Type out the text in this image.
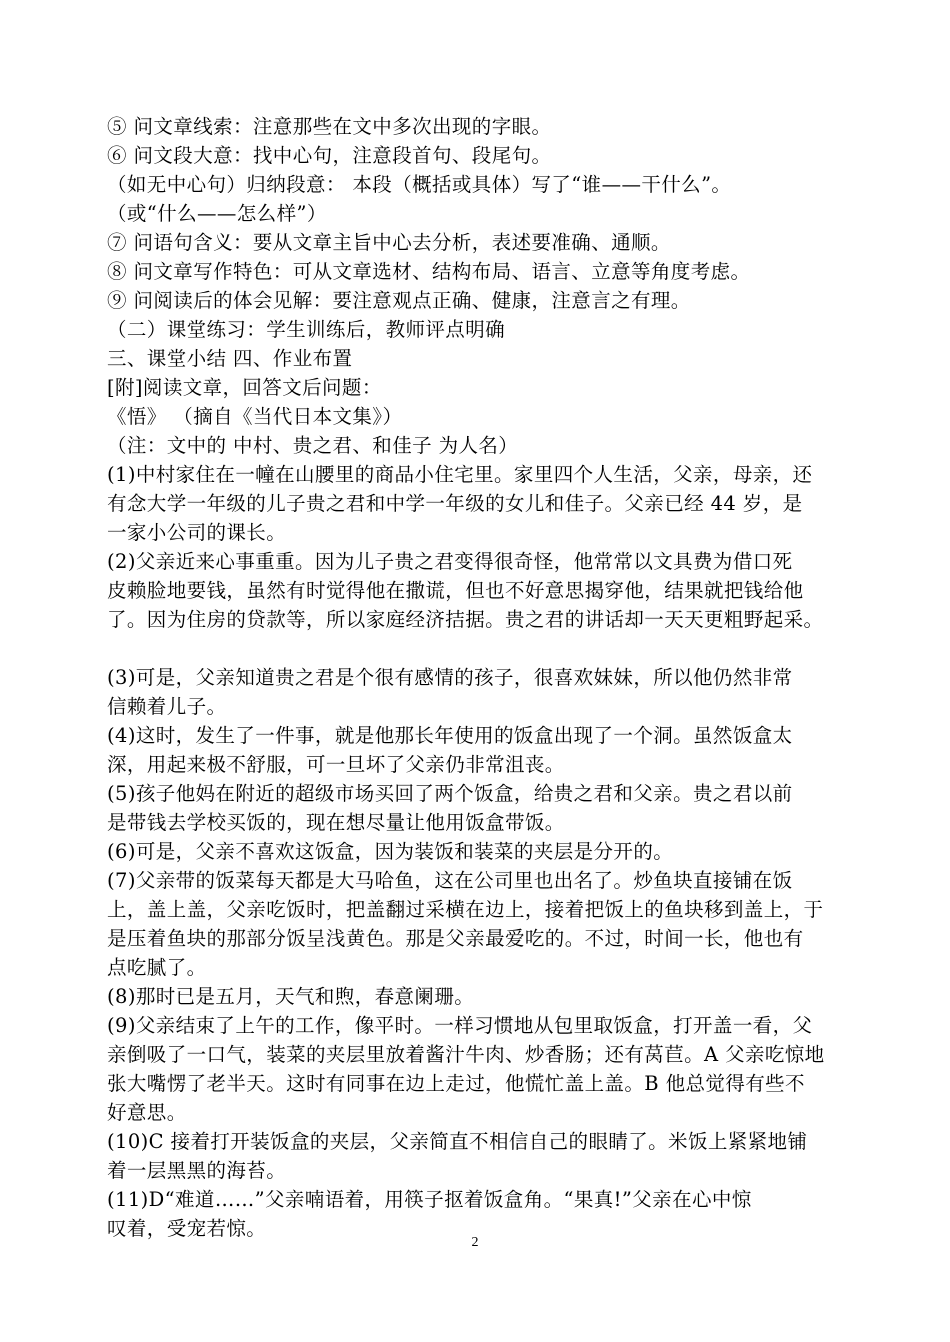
⑤ 问文章线索：注意那些在文中多次出现的字眼。
⑥ 问文段大意：找中心句，注意段首句、段尾句。
（如无中心句）归纳段意： 本段（概括或具体）写了“谁——干什么”。
（或“什么——怎么样”）
⑦ 问语句含义：要从文章主旨中心去分析，表述要准确、通顺。
⑧ 问文章写作特色：可从文章选材、结构布局、语言、立意等角度考虑。
⑨ 问阅读后的体会见解：要注意观点正确、健康，注意言之有理。
（二）课堂练习：学生训练后，教师评点明确
三、课堂小结 四、作业布置
[附]阅读文章，回答文后问题：
《悟》 （摘自《当代日本文集》）
（注：文中的 中村、贵之君、和佳子 为人名）
(1)中村家住在一幢在山腰里的商品小住宅里。家里四个人生活，父亲，母亲，还
有念大学一年级的儿子贵之君和中学一年级的女儿和佳子。父亲已经 44 岁，是
一家小公司的课长。
(2)父亲近来心事重重。因为儿子贵之君变得很奇怪，他常常以文具费为借口死
皮赖脸地要钱，虽然有时觉得他在撒谎，但也不好意思揭穿他，结果就把钱给他
了。因为住房的贷款等，所以家庭经济拮据。贵之君的讲话却一天天更粗野起采。
(3)可是，父亲知道贵之君是个很有感情的孩子，很喜欢妹妹，所以他仍然非常
信赖着儿子。
(4)这时，发生了一件事，就是他那长年使用的饭盒出现了一个洞。虽然饭盒太
深，用起来极不舒服，可一旦坏了父亲仍非常沮丧。
(5)孩子他妈在附近的超级市场买回了两个饭盒，给贵之君和父亲。贵之君以前
是带钱去学校买饭的，现在想尽量让他用饭盒带饭。
(6)可是，父亲不喜欢这饭盒，因为装饭和装菜的夹层是分开的。
(7)父亲带的饭菜每天都是大马哈鱼，这在公司里也出名了。炒鱼块直接铺在饭
上，盖上盖，父亲吃饭时，把盖翻过采横在边上，接着把饭上的鱼块移到盖上，于
是压着鱼块的那部分饭呈浅黄色。那是父亲最爱吃的。不过，时间一长，他也有
点吃腻了。
(8)那时已是五月，天气和煦，春意阑珊。
(9)父亲结束了上午的工作，像平时。一样习惯地从包里取饭盒，打开盖一看，父
亲倒吸了一口气，装菜的夹层里放着酱汁牛肉、炒香肠；还有莴苣。A 父亲吃惊地
张大嘴愣了老半天。这时有同事在边上走过，他慌忙盖上盖。B 他总觉得有些不
好意思。
(10)C 接着打开装饭盒的夹层，父亲简直不相信自己的眼睛了。米饭上紧紧地铺
着一层黑黑的海苔。
(11)D“难道……”父亲喃语着，用筷子抠着饭盒角。“果真!”父亲在心中惊
叹着，受宠若惊。
2
